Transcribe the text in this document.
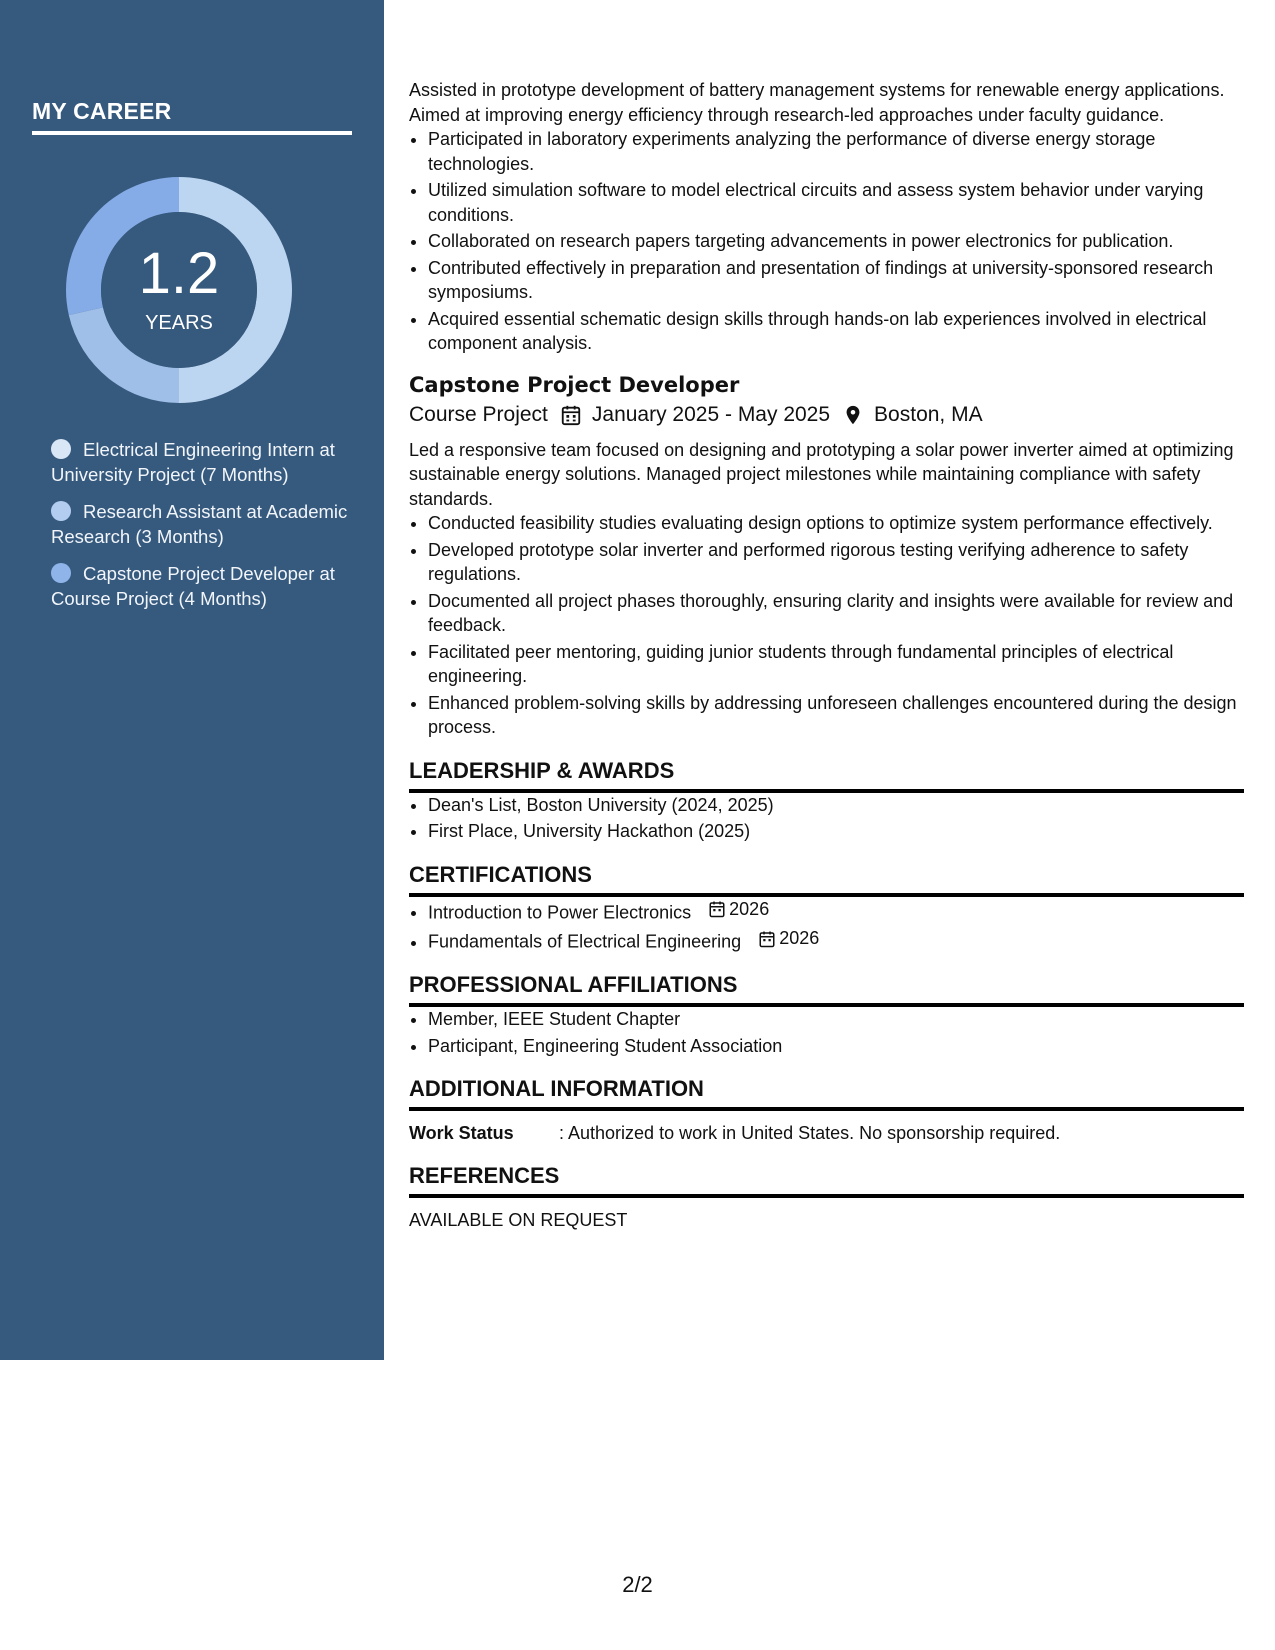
MY CAREER
1.2
YEARS
Electrical Engineering Intern at University Project (7 Months)
Research Assistant at Academic Research (3 Months)
Capstone Project Developer at Course Project (4 Months)

Assisted in prototype development of battery management systems for renewable energy applications. Aimed at improving energy efficiency through research-led approaches under faculty guidance.

• Participated in laboratory experiments analyzing the performance of diverse energy storage technologies.
• Utilized simulation software to model electrical circuits and assess system behavior under varying conditions.
• Collaborated on research papers targeting advancements in power electronics for publication.
• Contributed effectively in preparation and presentation of findings at university-sponsored research symposiums.
• Acquired essential schematic design skills through hands-on lab experiences involved in electrical component analysis.
Capstone Project Developer
Course Project January 2025 - May 2025 Boston, MA

Led a responsive team focused on designing and prototyping a solar power inverter aimed at optimizing sustainable energy solutions. Managed project milestones while maintaining compliance with safety standards.

• Conducted feasibility studies evaluating design options to optimize system performance effectively.
• Developed prototype solar inverter and performed rigorous testing verifying adherence to safety regulations.
• Documented all project phases thoroughly, ensuring clarity and insights were available for review and feedback.
• Facilitated peer mentoring, guiding junior students through fundamental principles of electrical engineering.
• Enhanced problem-solving skills by addressing unforeseen challenges encountered during the design process.
LEADERSHIP & AWARDS
• Dean's List, Boston University (2024, 2025)
• First Place, University Hackathon (2025)
CERTIFICATIONS
• Introduction to Power Electronics 2026
• Fundamentals of Electrical Engineering 2026
PROFESSIONAL AFFILIATIONS
• Member, IEEE Student Chapter
• Participant, Engineering Student Association
ADDITIONAL INFORMATION
Work Status	: Authorized to work in United States. No sponsorship required.
REFERENCES
AVAILABLE ON REQUEST
2/2
